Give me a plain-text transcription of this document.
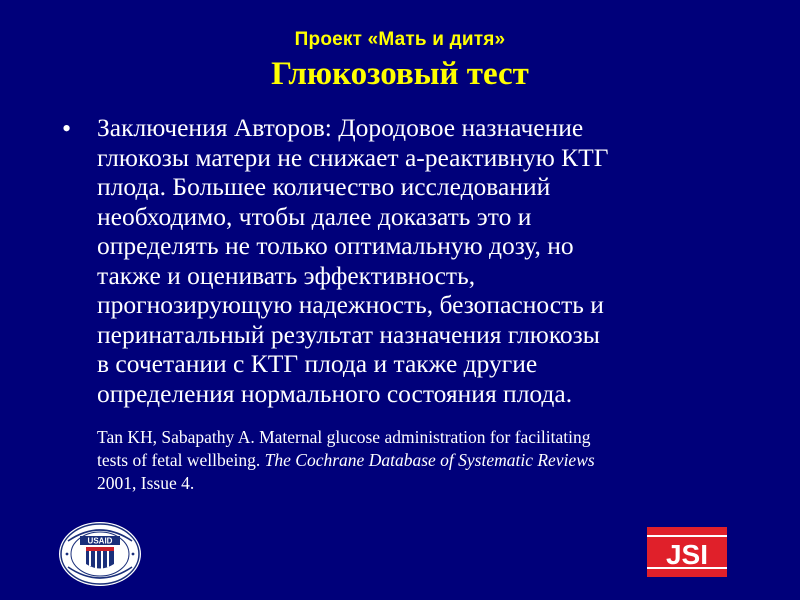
Проект «Мать и дитя»
Глюкозовый тест
• Заключения Авторов: Дородовое назначение
глюкозы матери не снижает а-реактивную КТГ
плода. Большее количество исследований
необходимо, чтобы далее доказать это и
определять не только оптимальную дозу, но
также и оценивать эффективность,
прогнозирующую надежность, безопасность и
перинатальный результат назначения глюкозы
в сочетании с КТГ плода и также другие
определения нормального состояния плода.
Tan KH, Sabapathy A. Maternal glucose administration for facilitating
tests of fetal wellbeing. The Cochrane Database of Systematic Reviews
2001, Issue 4.
USAID	JSI
